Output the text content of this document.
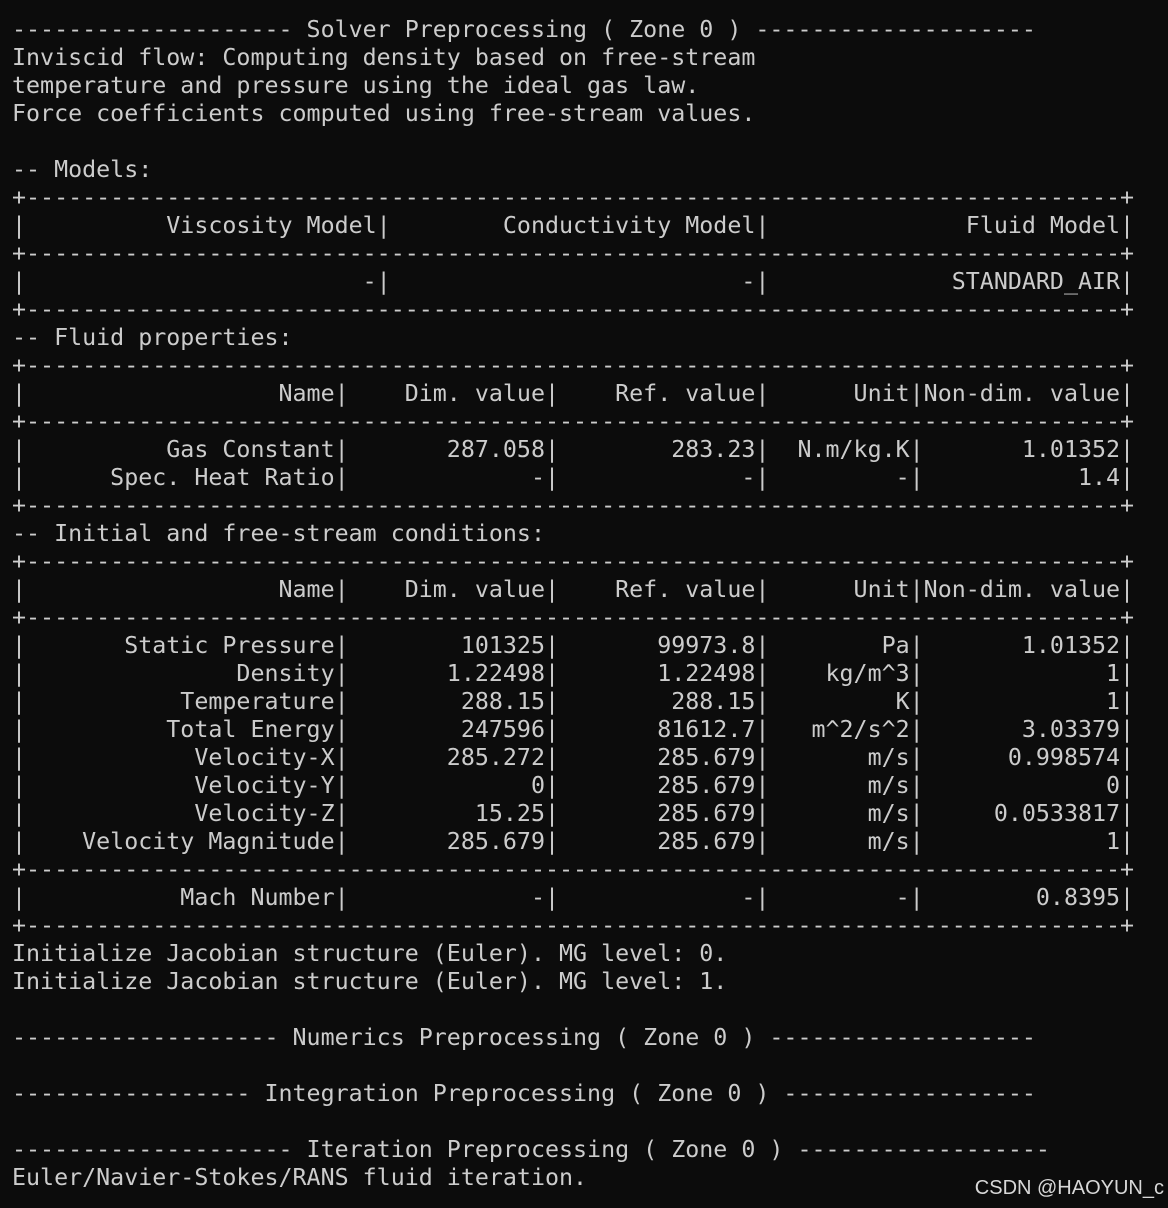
-------------------- Solver Preprocessing ( Zone 0 ) --------------------
Inviscid flow: Computing density based on free-stream
temperature and pressure using the ideal gas law.
Force coefficients computed using free-stream values.
-- Models:
+------------------------------------------------------------------------------+
|          Viscosity Model|        Conductivity Model|              Fluid Model|
+------------------------------------------------------------------------------+
|                        -|                         -|             STANDARD_AIR|
+------------------------------------------------------------------------------+
-- Fluid properties:
+------------------------------------------------------------------------------+
|                  Name|    Dim. value|    Ref. value|      Unit|Non-dim. value|
+------------------------------------------------------------------------------+
|          Gas Constant|       287.058|        283.23|  N.m/kg.K|       1.01352|
|      Spec. Heat Ratio|             -|             -|         -|           1.4|
+------------------------------------------------------------------------------+
-- Initial and free-stream conditions:
+------------------------------------------------------------------------------+
|                  Name|    Dim. value|    Ref. value|      Unit|Non-dim. value|
+------------------------------------------------------------------------------+
|       Static Pressure|        101325|       99973.8|        Pa|       1.01352|
|               Density|       1.22498|       1.22498|    kg/m^3|             1|
|           Temperature|        288.15|        288.15|         K|             1|
|          Total Energy|        247596|       81612.7|   m^2/s^2|       3.03379|
|            Velocity-X|       285.272|       285.679|       m/s|      0.998574|
|            Velocity-Y|             0|       285.679|       m/s|             0|
|            Velocity-Z|         15.25|       285.679|       m/s|     0.0533817|
|    Velocity Magnitude|       285.679|       285.679|       m/s|             1|
+------------------------------------------------------------------------------+
|           Mach Number|             -|             -|         -|        0.8395|
+------------------------------------------------------------------------------+
Initialize Jacobian structure (Euler). MG level: 0.
Initialize Jacobian structure (Euler). MG level: 1.
------------------- Numerics Preprocessing ( Zone 0 ) -------------------
----------------- Integration Preprocessing ( Zone 0 ) ------------------
-------------------- Iteration Preprocessing ( Zone 0 ) ------------------
Euler/Navier-Stokes/RANS fluid iteration.	CSDN @HAOYUN_c
